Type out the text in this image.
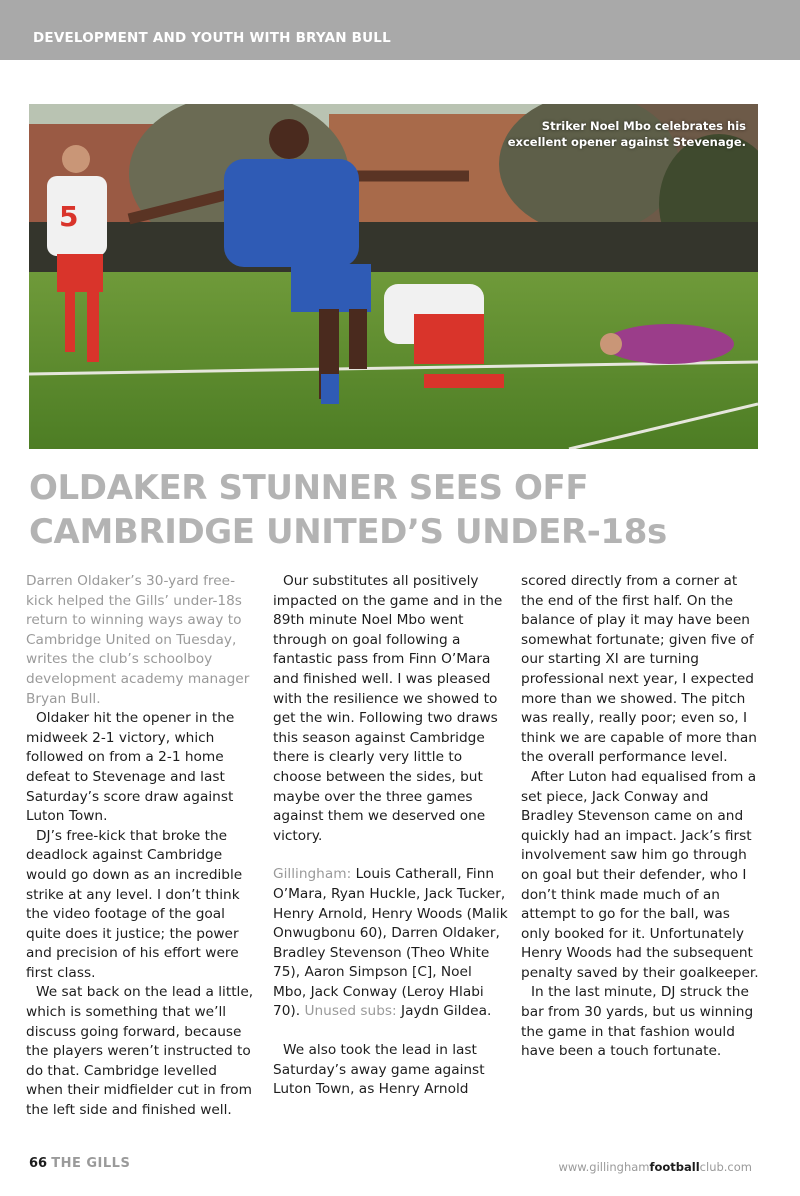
DEVELOPMENT AND YOUTH WITH BRYAN BULL
5
Striker Noel Mbo celebrates his excellent opener against Stevenage.
OLDAKER STUNNER SEES OFF
CAMBRIDGE UNITED’S UNDER-18s

Darren Oldaker’s 30-yard free-kick helped the Gills’ under-18s return to winning ways away to Cambridge United on Tuesday, writes the club’s schoolboy development academy manager Bryan Bull.

Oldaker hit the opener in the midweek 2-1 victory, which followed on from a 2-1 home defeat to Stevenage and last Saturday’s score draw against Luton Town.

DJ’s free-kick that broke the deadlock against Cambridge would go down as an incredible strike at any level. I don’t think the video footage of the goal quite does it justice; the power and precision of his effort were first class.

We sat back on the lead a little, which is something that we’ll discuss going forward, because the players weren’t instructed to do that. Cambridge levelled when their midfielder cut in from the left side and finished well.

Our substitutes all positively impacted on the game and in the 89th minute Noel Mbo went through on goal following a fantastic pass from Finn O’Mara and finished well. I was pleased with the resilience we showed to get the win. Following two draws this season against Cambridge there is clearly very little to choose between the sides, but maybe over the three games against them we deserved one victory.

Gillingham: Louis Catherall, Finn O’Mara, Ryan Huckle, Jack Tucker, Henry Arnold, Henry Woods (Malik Onwugbonu 60), Darren Oldaker, Bradley Stevenson (Theo White 75), Aaron Simpson [C], Noel Mbo, Jack Conway (Leroy Hlabi 70). Unused subs: Jaydn Gildea.

We also took the lead in last Saturday’s away game against Luton Town, as Henry Arnold

scored directly from a corner at the end of the first half. On the balance of play it may have been somewhat fortunate; given five of our starting XI are turning professional next year, I expected more than we showed. The pitch was really, really poor; even so, I think we are capable of more than the overall performance level.

After Luton had equalised from a set piece, Jack Conway and Bradley Stevenson came on and quickly had an impact. Jack’s first involvement saw him go through on goal but their defender, who I don’t think made much of an attempt to go for the ball, was only booked for it. Unfortunately Henry Woods had the subsequent penalty saved by their goalkeeper.

In the last minute, DJ struck the bar from 30 yards, but us winning the game in that fashion would have been a touch fortunate.

66 THE GILLS	www.gillinghamfootballclub.com
